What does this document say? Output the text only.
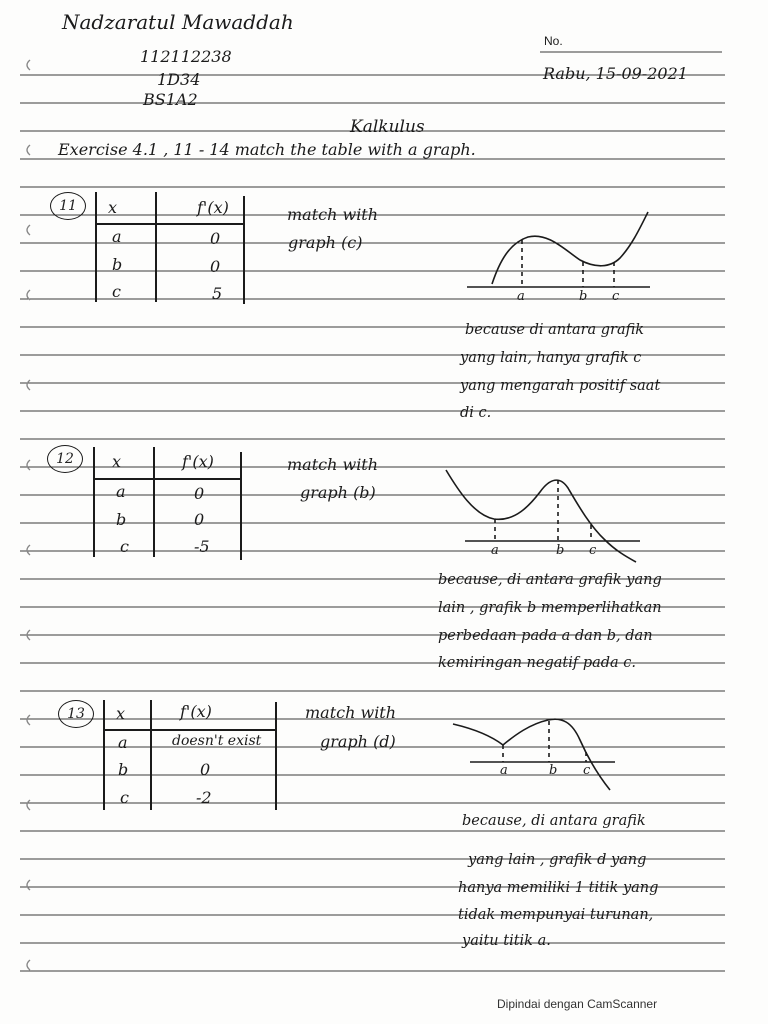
Nadzaratul Mawaddah
112112238
1D34
BS1A2
No.
Rabu, 15-09-2021
Kalkulus
Exercise 4.1 , 11 - 14 match the table with a graph.
11	x	f'(x)
a	0
b	0
c	5
match with
graph (c)
a	b c
because di antara grafik
yang lain, hanya grafik c
yang mengarah positif saat
di c.
12	x	f'(x)
a	0
b	0
c	-5
match with
graph (b)
a	b c
because, di antara grafik yang
lain , grafik b memperlihatkan
perbedaan pada a dan b, dan
kemiringan negatif pada c.
13	x	f'(x)
a	doesn't exist
b	0
c	-2
match with
graph (d)
a	b c
because, di antara grafik
yang lain , grafik d yang
hanya memiliki 1 titik yang
tidak mempunyai turunan,
yaitu titik a.
Dipindai dengan CamScanner
